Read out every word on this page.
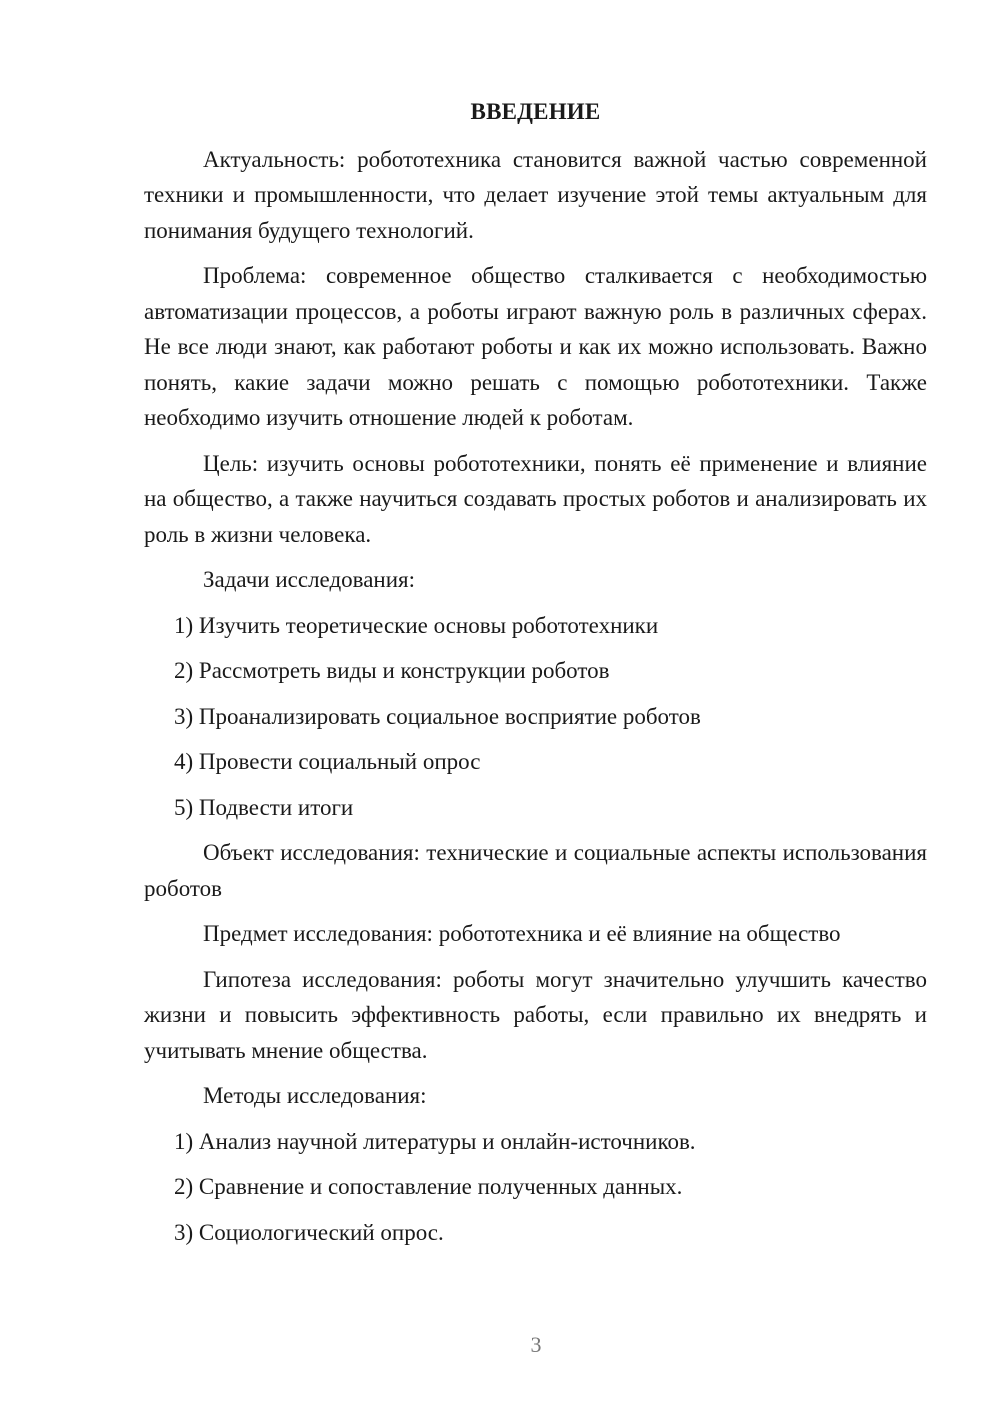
ВВЕДЕНИЕ

Актуальность: робототехника становится важной частью современной техники и промышленности, что делает изучение этой темы актуальным для понимания будущего технологий.

Проблема: современное общество сталкивается с необходимостью автоматизации процессов, а роботы играют важную роль в различных сферах. Не все люди знают, как работают роботы и как их можно использовать. Важно понять, какие задачи можно решать с помощью робототехники. Также необходимо изучить отношение людей к роботам.

Цель: изучить основы робототехники, понять её применение и влияние на общество, а также научиться создавать простых роботов и анализировать их роль в жизни человека.

Задачи исследования:

1) Изучить теоретические основы робототехники

2) Рассмотреть виды и конструкции роботов

3) Проанализировать социальное восприятие роботов

4) Провести социальный опрос

5) Подвести итоги

Объект исследования: технические и социальные аспекты использования роботов

Предмет исследования: робототехника и её влияние на общество

Гипотеза исследования: роботы могут значительно улучшить качество жизни и повысить эффективность работы, если правильно их внедрять и учитывать мнение общества.

Методы исследования:

1) Анализ научной литературы и онлайн-источников.

2) Сравнение и сопоставление полученных данных.

3) Социологический опрос.

3
